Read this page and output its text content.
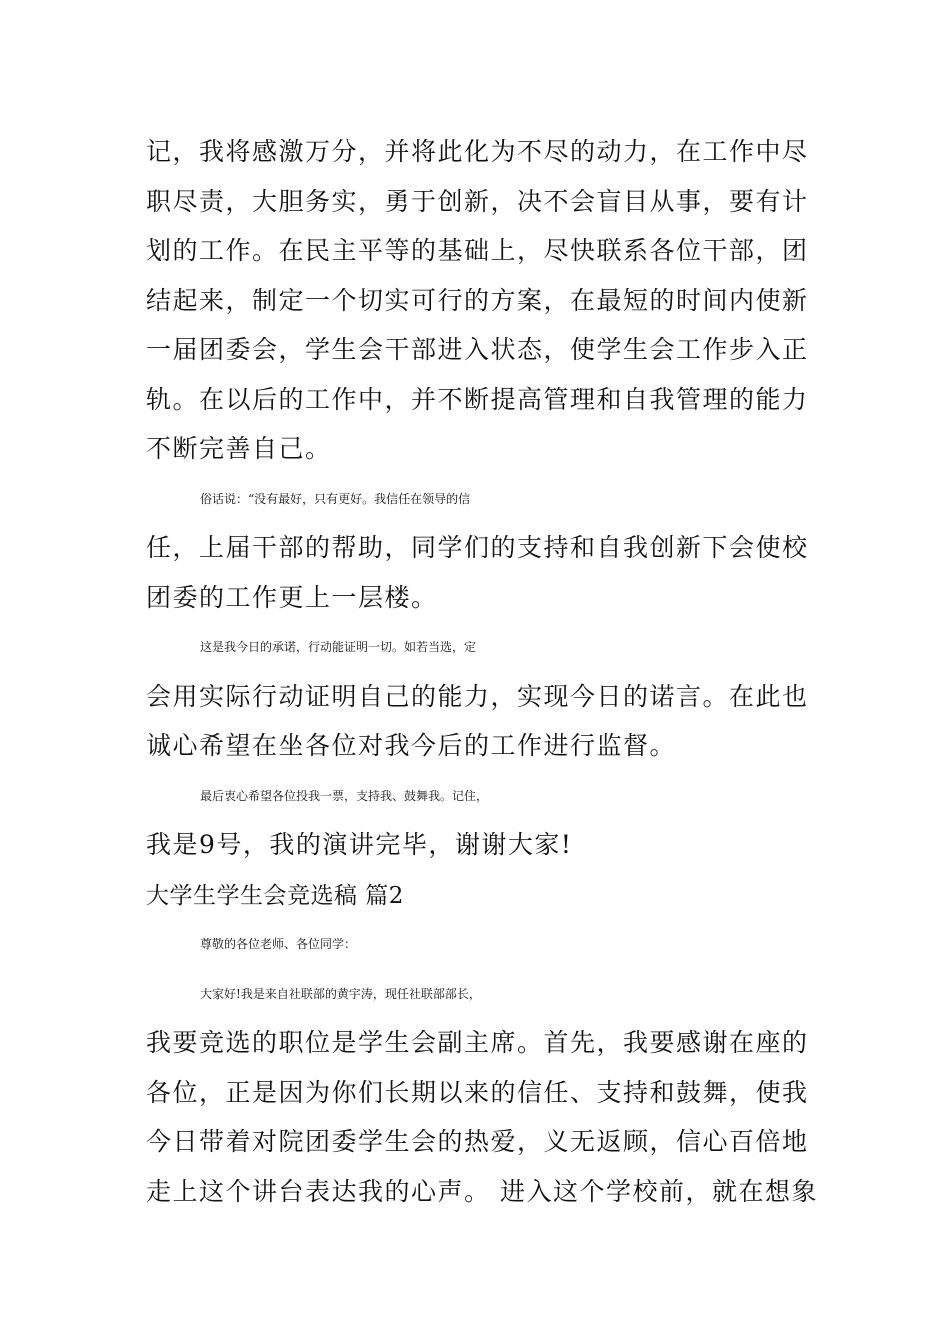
记，我将感激万分，并将此化为不尽的动力，在工作中尽
职尽责，大胆务实，勇于创新，决不会盲目从事，要有计
划的工作。在民主平等的基础上，尽快联系各位干部，团
结起来，制定一个切实可行的方案，在最短的时间内使新
一届团委会，学生会干部进入状态，使学生会工作步入正
轨。在以后的工作中，并不断提高管理和自我管理的能力
不断完善自己。
俗话说：“没有最好，只有更好。我信任在领导的信
任，上届干部的帮助，同学们的支持和自我创新下会使校
团委的工作更上一层楼。
这是我今日的承诺，行动能证明一切。如若当选，定
会用实际行动证明自己的能力，实现今日的诺言。在此也
诚心希望在坐各位对我今后的工作进行监督。
最后衷心希望各位投我一票，支持我、鼓舞我。记住，
我是9号，我的演讲完毕，谢谢大家!
大学生学生会竞选稿 篇2
尊敬的各位老师、各位同学：
大家好!我是来自社联部的黄宇涛，现任社联部部长，
我要竞选的职位是学生会副主席。首先，我要感谢在座的
各位，正是因为你们长期以来的信任、支持和鼓舞，使我
今日带着对院团委学生会的热爱，义无返顾，信心百倍地
走上这个讲台表达我的心声。 进入这个学校前，就在想象
